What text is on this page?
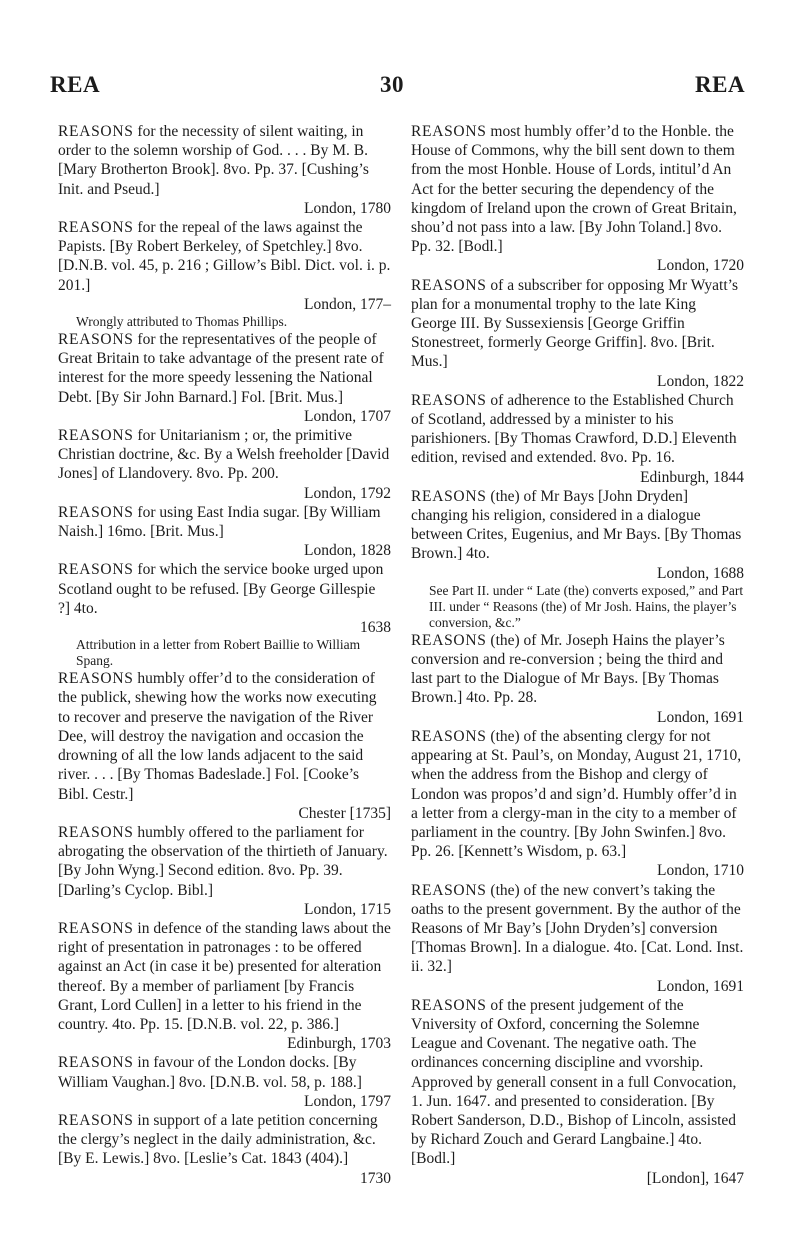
REA	30	REA

REASONS for the necessity of silent waiting, in order to the solemn worship of God. . . . By M. B. [Mary Brotherton Brook]. 8vo. Pp. 37. [Cushing’s Init. and Pseud.]
London, 1780

REASONS for the repeal of the laws against the Papists. [By Robert Berkeley, of Spetchley.] 8vo. [D.N.B. vol. 45, p. 216 ; Gillow’s Bibl. Dict. vol. i. p. 201.]
London, 177–
Wrongly attributed to Thomas Phillips.

REASONS for the representatives of the people of Great Britain to take advantage of the present rate of interest for the more speedy lessening the National Debt. [By Sir John Barnard.] Fol. [Brit. Mus.]
London, 1707

REASONS for Unitarianism ; or, the primitive Christian doctrine, &c. By a Welsh freeholder [David Jones] of Llandovery. 8vo. Pp. 200.
London, 1792

REASONS for using East India sugar. [By William Naish.] 16mo. [Brit. Mus.]
London, 1828

REASONS for which the service booke urged upon Scotland ought to be refused. [By George Gillespie ?] 4to.
1638
Attribution in a letter from Robert Baillie to William Spang.

REASONS humbly offer’d to the consideration of the publick, shewing how the works now executing to recover and preserve the navigation of the River Dee, will destroy the navigation and occasion the drowning of all the low lands adjacent to the said river. . . . [By Thomas Badeslade.] Fol. [Cooke’s Bibl. Cestr.]
Chester [1735]

REASONS humbly offered to the parliament for abrogating the observation of the thirtieth of January. [By John Wyng.] Second edition. 8vo. Pp. 39. [Darling’s Cyclop. Bibl.]
London, 1715

REASONS in defence of the standing laws about the right of presentation in patronages : to be offered against an Act (in case it be) presented for alteration thereof. By a member of parliament [by Francis Grant, Lord Cullen] in a letter to his friend in the country. 4to. Pp. 15. [D.N.B. vol. 22, p. 386.]
Edinburgh, 1703

REASONS in favour of the London docks. [By William Vaughan.] 8vo. [D.N.B. vol. 58, p. 188.]
London, 1797

REASONS in support of a late petition concerning the clergy’s neglect in the daily administration, &c. [By E. Lewis.] 8vo. [Leslie’s Cat. 1843 (404).]
1730

REASONS most humbly offer’d to the Honble. the House of Commons, why the bill sent down to them from the most Honble. House of Lords, intitul’d An Act for the better securing the dependency of the kingdom of Ireland upon the crown of Great Britain, shou’d not pass into a law. [By John Toland.] 8vo. Pp. 32. [Bodl.]
London, 1720

REASONS of a subscriber for opposing Mr Wyatt’s plan for a monumental trophy to the late King George III. By Sussexiensis [George Griffin Stonestreet, formerly George Griffin]. 8vo. [Brit. Mus.]
London, 1822

REASONS of adherence to the Established Church of Scotland, addressed by a minister to his parishioners. [By Thomas Crawford, D.D.] Eleventh edition, revised and extended. 8vo. Pp. 16.
Edinburgh, 1844

REASONS (the) of Mr Bays [John Dryden] changing his religion, considered in a dialogue between Crites, Eugenius, and Mr Bays. [By Thomas Brown.] 4to.
London, 1688
See Part II. under “ Late (the) converts exposed,” and Part III. under “ Reasons (the) of Mr Josh. Hains, the player’s conversion, &c.”

REASONS (the) of Mr. Joseph Hains the player’s conversion and re-conversion ; being the third and last part to the Dialogue of Mr Bays. [By Thomas Brown.] 4to. Pp. 28.
London, 1691

REASONS (the) of the absenting clergy for not appearing at St. Paul’s, on Monday, August 21, 1710, when the address from the Bishop and clergy of London was propos’d and sign’d. Humbly offer’d in a letter from a clergy-man in the city to a member of parliament in the country. [By John Swinfen.] 8vo. Pp. 26. [Kennett’s Wisdom, p. 63.]
London, 1710

REASONS (the) of the new convert’s taking the oaths to the present government. By the author of the Reasons of Mr Bay’s [John Dryden’s] conversion [Thomas Brown]. In a dialogue. 4to. [Cat. Lond. Inst. ii. 32.]
London, 1691

REASONS of the present judgement of the Vniversity of Oxford, concerning the Solemne League and Covenant. The negative oath. The ordinances concerning discipline and vvorship. Approved by generall consent in a full Convocation, 1. Jun. 1647. and presented to consideration. [By Robert Sanderson, D.D., Bishop of Lincoln, assisted by Richard Zouch and Gerard Langbaine.] 4to. [Bodl.]
[London], 1647
